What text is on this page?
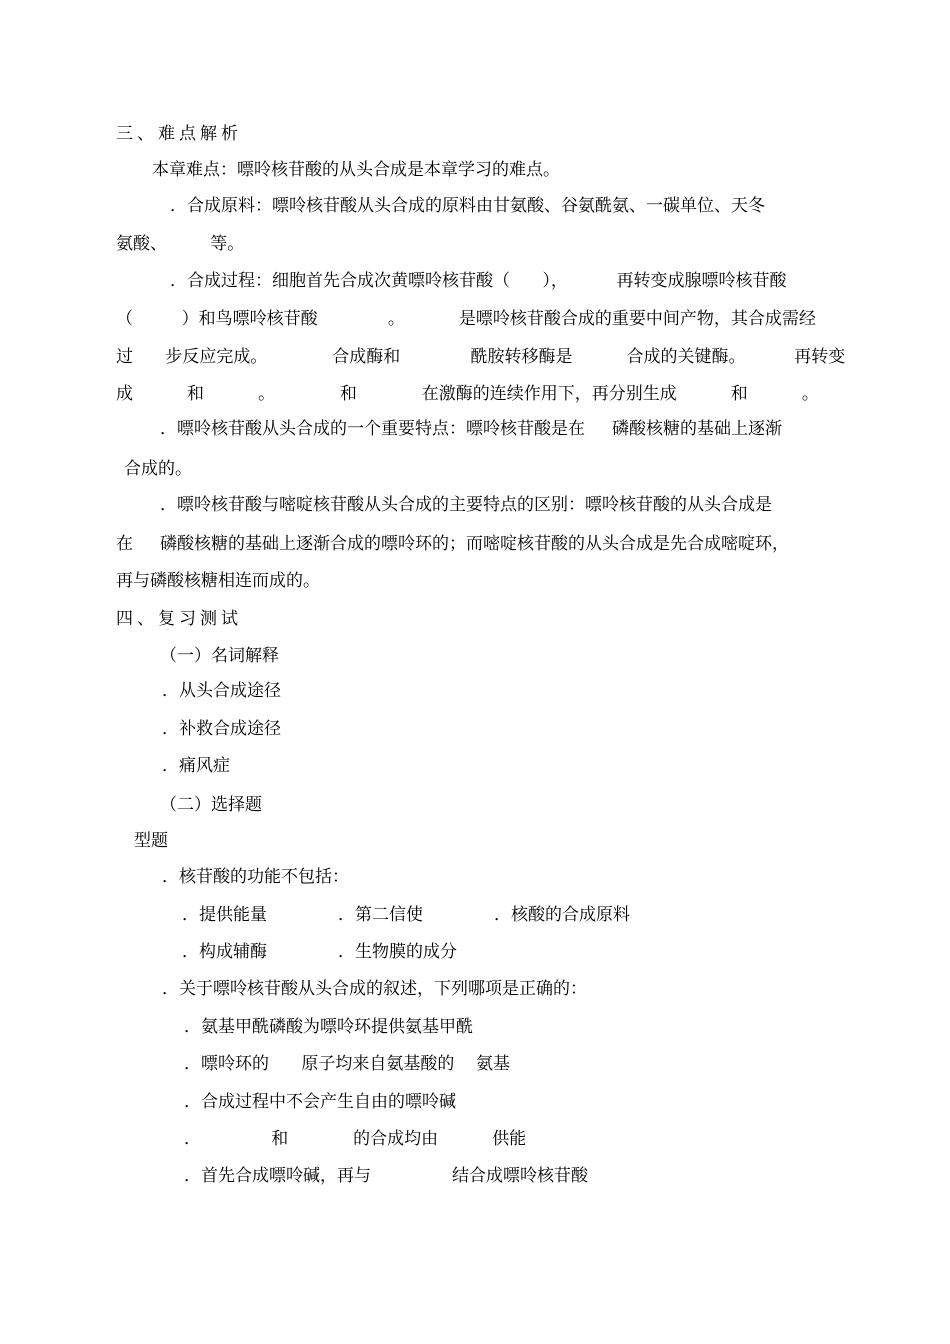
三、难点解析
本章难点：嘌呤核苷酸的从头合成是本章学习的难点。
．合成原料：嘌呤核苷酸从头合成的原料由甘氨酸、谷氨酰氨、一碳单位、天冬
氨酸、        等。
．合成过程：细胞首先合成次黄嘌呤核苷酸（      ），         再转变成腺嘌呤核苷酸
（         ）和鸟嘌呤核苷酸             。          是嘌呤核苷酸合成的重要中间产物，其合成需经
过      步反应完成。            合成酶和             酰胺转移酶是          合成的关键酶。         再转变
成          和          。            和            在激酶的连续作用下，再分别生成          和          。
．嘌呤核苷酸从头合成的一个重要特点：嘌呤核苷酸是在     磷酸核糖的基础上逐渐
合成的。
．嘌呤核苷酸与嘧啶核苷酸从头合成的主要特点的区别：嘌呤核苷酸的从头合成是
在     磷酸核糖的基础上逐渐合成的嘌呤环的；而嘧啶核苷酸的从头合成是先合成嘧啶环，
再与磷酸核糖相连而成的。
四、复习测试
（一）名词解释
．从头合成途径
．补救合成途径
．痛风症
（二）选择题
型题
．核苷酸的功能不包括：
．提供能量	．第二信使	．核酸的合成原料
．构成辅酶	．生物膜的成分
．关于嘌呤核苷酸从头合成的叙述，下列哪项是正确的：
．氨基甲酰磷酸为嘌呤环提供氨基甲酰
．嘌呤环的      原子均来自氨基酸的    氨基
．合成过程中不会产生自由的嘌呤碱
．             和            的合成均由          供能
．首先合成嘌呤碱，再与               结合成嘌呤核苷酸
